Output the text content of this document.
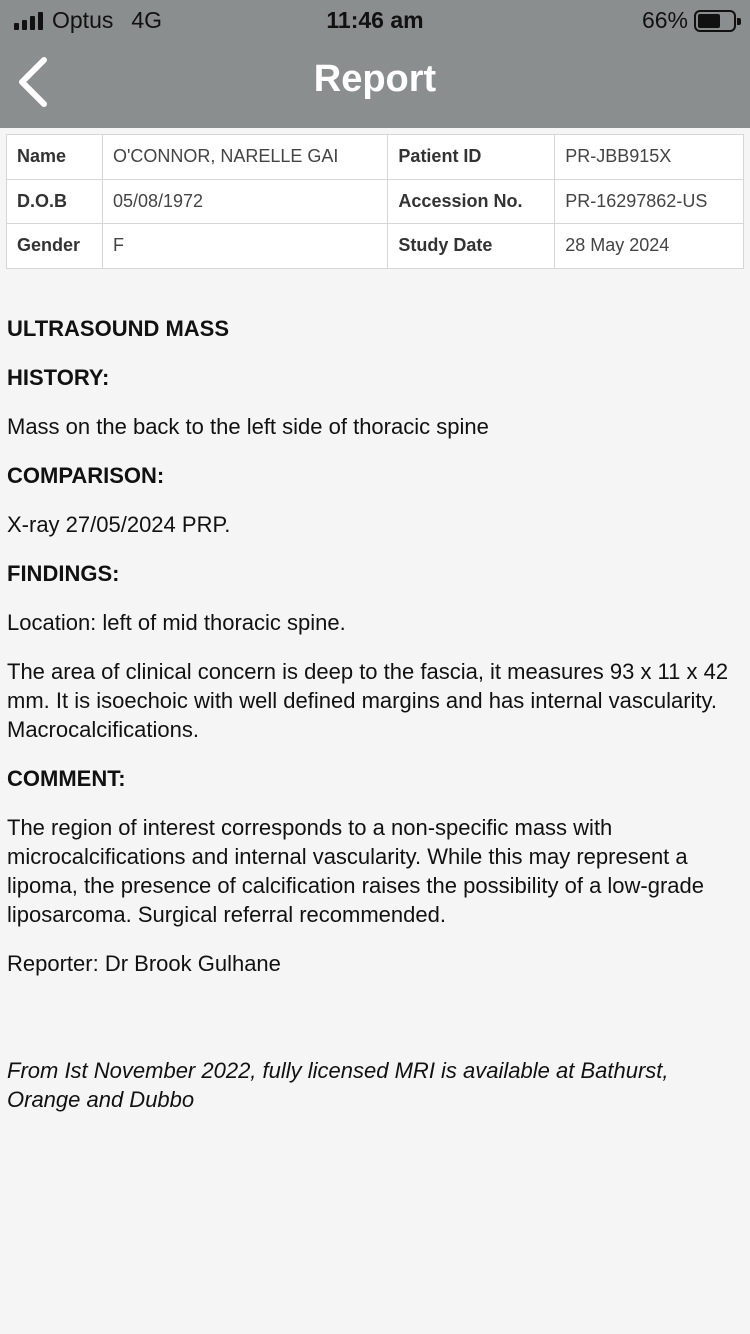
Optus 4G	11:46 am	66%
Report
Name	O'CONNOR, NARELLE GAI	Patient ID	PR-JBB915X
D.O.B	05/08/1972	Accession No.	PR-16297862-US
Gender	F	Study Date	28 May 2024
ULTRASOUND MASS
HISTORY:

Mass on the back to the left side of thoracic spine

COMPARISON:

X-ray 27/05/2024 PRP.

FINDINGS:

Location: left of mid thoracic spine.

The area of clinical concern is deep to the fascia, it measures 93 x 11 x 42 mm. It is isoechoic with well defined margins and has internal vascularity. Macrocalcifications.

COMMENT:

The region of interest corresponds to a non-specific mass with microcalcifications and internal vascularity. While this may represent a lipoma, the presence of calcification raises the possibility of a low-grade liposarcoma. Surgical referral recommended.

Reporter: Dr Brook Gulhane

From Ist November 2022, fully licensed MRI is available at Bathurst, Orange and Dubbo
